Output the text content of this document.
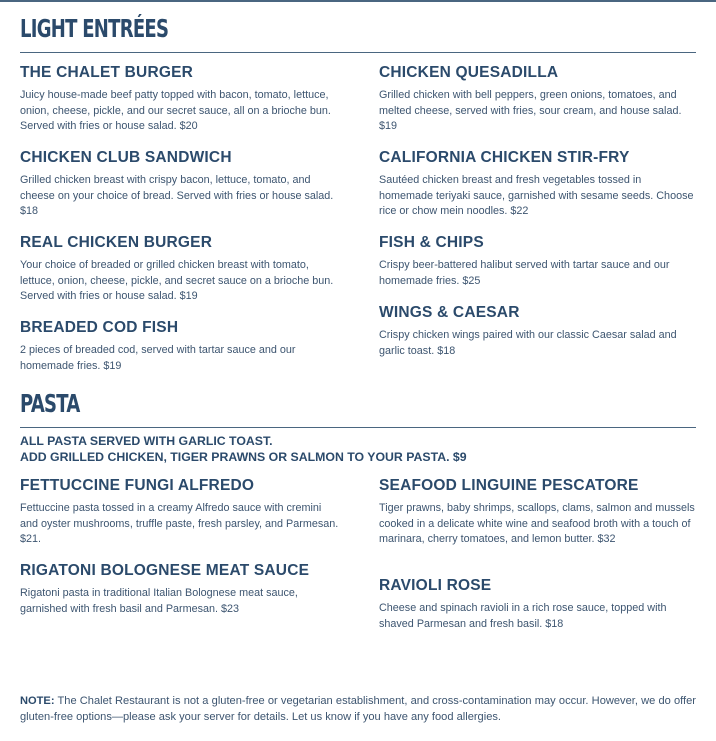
LIGHT ENTRÉES
THE CHALET BURGER

Juicy house-made beef patty topped with bacon, tomato, lettuce, onion, cheese, pickle, and our secret sauce, all on a brioche bun. Served with fries or house salad. $20

CHICKEN CLUB SANDWICH

Grilled chicken breast with crispy bacon, lettuce, tomato, and cheese on your choice of bread. Served with fries or house salad. $18

REAL CHICKEN BURGER

Your choice of breaded or grilled chicken breast with tomato, lettuce, onion, cheese, pickle, and secret sauce on a brioche bun. Served with fries or house salad. $19

BREADED COD FISH

2 pieces of breaded cod, served with tartar sauce and our homemade fries. $19

CHICKEN QUESADILLA

Grilled chicken with bell peppers, green onions, tomatoes, and melted cheese, served with fries, sour cream, and house salad. $19

CALIFORNIA CHICKEN STIR-FRY

Sautéed chicken breast and fresh vegetables tossed in homemade teriyaki sauce, garnished with sesame seeds. Choose rice or chow mein noodles. $22

FISH & CHIPS

Crispy beer-battered halibut served with tartar sauce and our homemade fries. $25

WINGS & CAESAR

Crispy chicken wings paired with our classic Caesar salad and garlic toast. $18

PASTA

ALL PASTA SERVED WITH GARLIC TOAST.

ADD GRILLED CHICKEN, TIGER PRAWNS OR SALMON TO YOUR PASTA. $9

FETTUCCINE FUNGI ALFREDO

Fettuccine pasta tossed in a creamy Alfredo sauce with cremini and oyster mushrooms, truffle paste, fresh parsley, and Parmesan. $21.

RIGATONI BOLOGNESE MEAT SAUCE

Rigatoni pasta in traditional Italian Bolognese meat sauce, garnished with fresh basil and Parmesan. $23

SEAFOOD LINGUINE PESCATORE

Tiger prawns, baby shrimps, scallops, clams, salmon and mussels cooked in a delicate white wine and seafood broth with a touch of marinara, cherry tomatoes, and lemon butter. $32

RAVIOLI ROSE

Cheese and spinach ravioli in a rich rose sauce, topped with shaved Parmesan and fresh basil. $18

NOTE: The Chalet Restaurant is not a gluten-free or vegetarian establishment, and cross-contamination may occur. However, we do offer gluten-free options—please ask your server for details. Let us know if you have any food allergies.
